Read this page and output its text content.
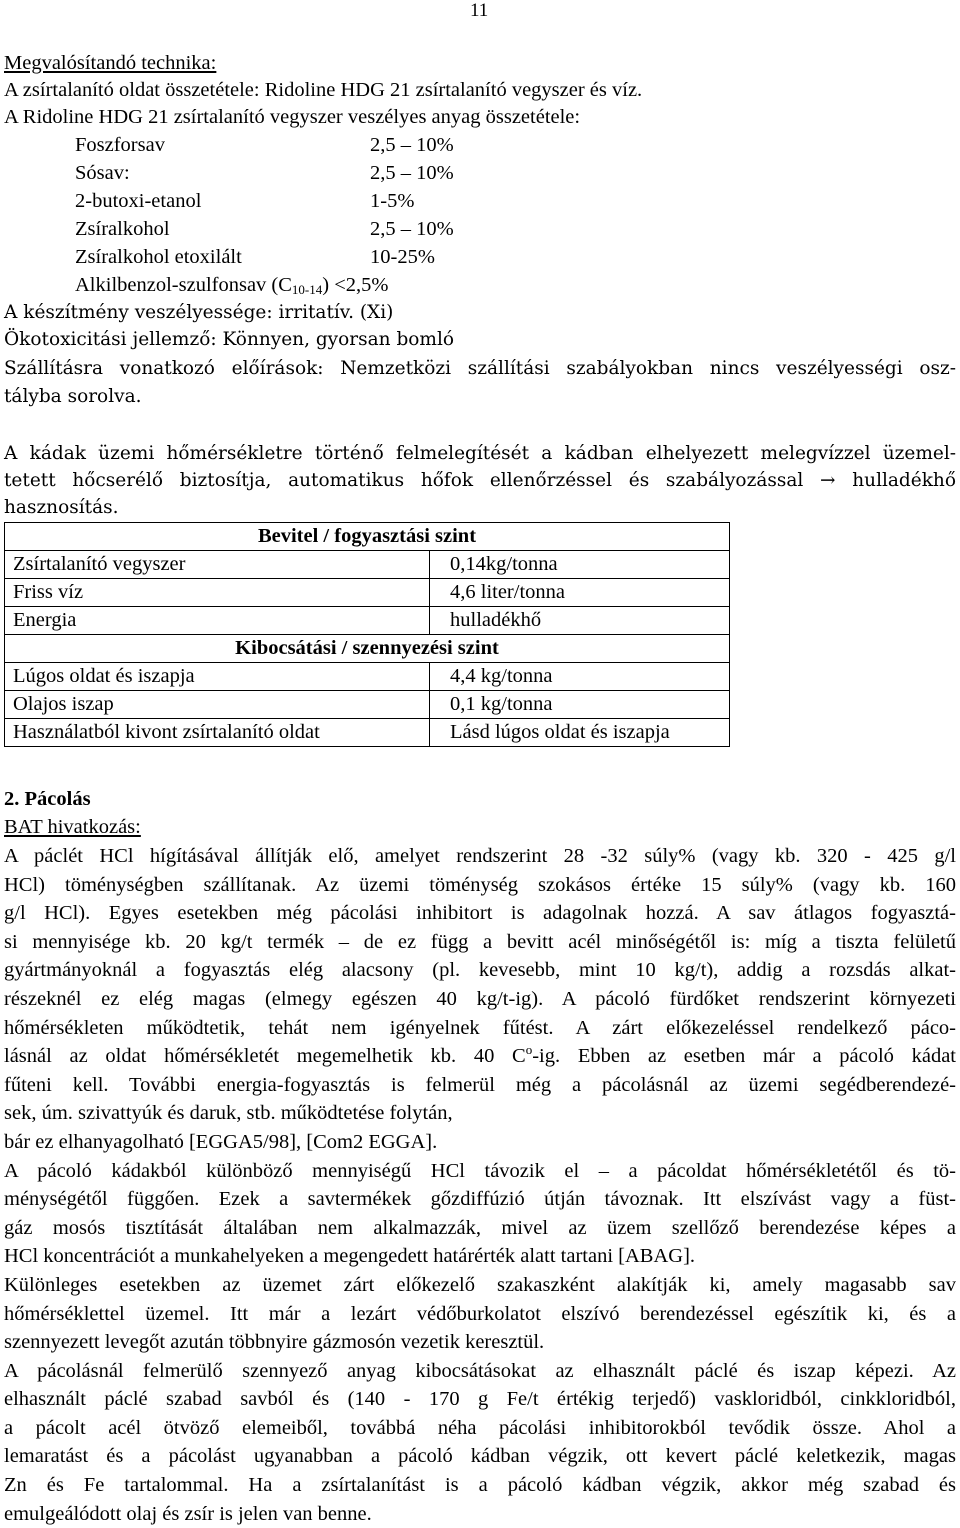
11
Megvalósítandó technika:
A zsírtalanító oldat összetétele: Ridoline HDG 21 zsírtalanító vegyszer és víz.
A Ridoline HDG 21 zsírtalanító vegyszer veszélyes anyag összetétele:
Foszforsav	2,5 – 10%
Sósav:	2,5 – 10%
2-butoxi-etanol	1-5%
Zsíralkohol	2,5 – 10%
Zsíralkohol etoxilált	10-25%
Alkilbenzol-szulfonsav $(C_{10-14}) <2,5\%$
A készítmény veszélyessége: irritatív. (Xi)
Ökotoxicitási jellemző: Könnyen, gyorsan bomló
Szállításra vonatkozó előírások: Nemzetközi szállítási szabályokban nincs veszélyességi osz-
tályba sorolva.
A kádak üzemi hőmérsékletre történő felmelegítését a kádban elhelyezett melegvízzel üzemel-
tetett hőcserélő biztosítja, automatikus hőfok ellenőrzéssel és szabályozással → hulladékhő
hasznosítás.
Bevitel / fogyasztási szint	
Zsírtalanító vegyszer	0,14kg/tonna
Friss víz	4,6 liter/tonna
Energia	hulladékhő
Kibocsátási / szennyezési szint	
Lúgos oldat és iszapja	4,4 kg/tonna
Olajos iszap	0,1 kg/tonna
Használatból kivont zsírtalanító oldat	Lásd lúgos oldat és iszapja
2. Pácolás
BAT hivatkozás:
A páclét HCl hígításával állítják elő, amelyet rendszerint 28 -32 súly% (vagy kb. 320 - 425 g/l
HCl) töménységben szállítanak. Az üzemi töménység szokásos értéke 15 súly% (vagy kb. 160
g/l HCl). Egyes esetekben még pácolási inhibitort is adagolnak hozzá. A sav átlagos fogyasztá-
si mennyisége kb. 20 kg/t termék – de ez függ a bevitt acél minőségétől is: míg a tiszta felületű
gyártmányoknál a fogyasztás elég alacsony (pl. kevesebb, mint 10 kg/t), addig a rozsdás alkat-
részeknél ez elég magas (elmegy egészen 40 kg/t-ig). A pácoló fürdőket rendszerint környezeti
hőmérsékleten működtetik, tehát nem igényelnek fűtést. A zárt előkezeléssel rendelkező páco-
lásnál az oldat hőmérsékletét megemelhetik kb. 40 $C^o-ig$. Ebben az esetben már a pácoló kádat
fűteni kell. További energia-fogyasztás is felmerül még a pácolásnál az üzemi segédberendezé-
sek, úm. szivattyúk és daruk, stb. működtetése folytán,
bár ez elhanyagolható [EGGA5/98], [Com2 EGGA].
A pácoló kádakból különböző mennyiségű HCl távozik el – a pácoldat hőmérsékletétől és tö-
ménységétől függően. Ezek a savtermékek gőzdiffúzió útján távoznak. Itt elszívást vagy a füst-
gáz mosós tisztítását általában nem alkalmazzák, mivel az üzem szellőző berendezése képes a
HCl koncentrációt a munkahelyeken a megengedett határérték alatt tartani [ABAG].
Különleges esetekben az üzemet zárt előkezelő szakaszként alakítják ki, amely magasabb sav
hőmérséklettel üzemel. Itt már a lezárt védőburkolatot elszívó berendezéssel egészítik ki, és a
szennyezett levegőt azután többnyire gázmosón vezetik keresztül.
A pácolásnál felmerülő szennyező anyag kibocsátásokat az elhasznált páclé és iszap képezi. Az
elhasznált páclé szabad savból és (140 - 170 g Fe/t értékig terjedő) vaskloridból, cinkkloridból,
a pácolt acél ötvöző elemeiből, továbbá néha pácolási inhibitorokból tevődik össze. Ahol a
lemaratást és a pácolást ugyanabban a pácoló kádban végzik, ott kevert páclé keletkezik, magas
Zn és Fe tartalommal. Ha a zsírtalanítást is a pácoló kádban végzik, akkor még szabad és
emulgeálódott olaj és zsír is jelen van benne.
